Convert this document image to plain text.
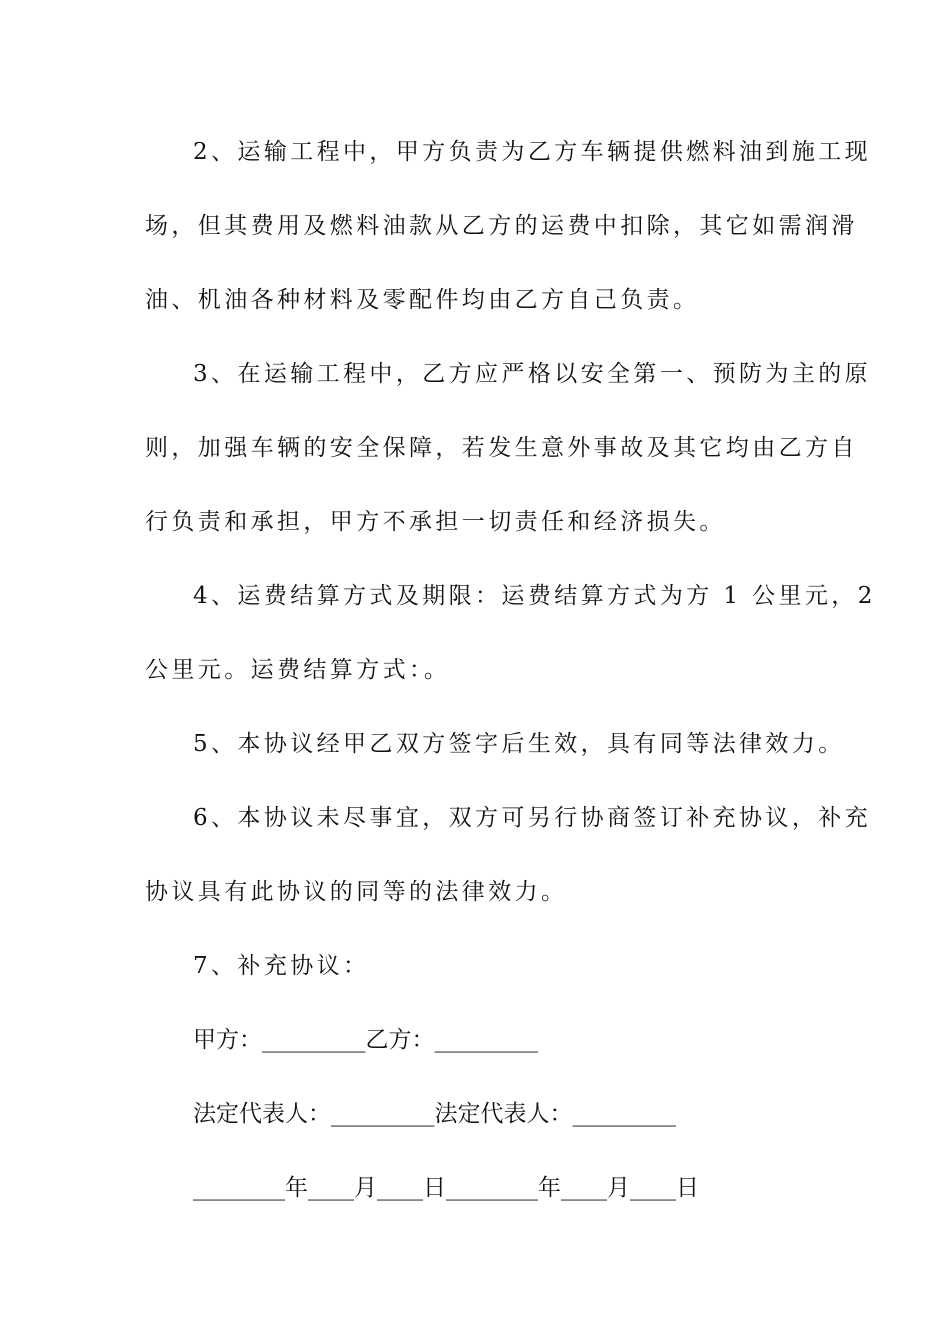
2、运输工程中，甲方负责为乙方车辆提供燃料油到施工现
场，但其费用及燃料油款从乙方的运费中扣除，其它如需润滑
油、机油各种材料及零配件均由乙方自己负责。
3、在运输工程中，乙方应严格以安全第一、预防为主的原
则，加强车辆的安全保障，若发生意外事故及其它均由乙方自
行负责和承担，甲方不承担一切责任和经济损失。
4、运费结算方式及期限：运费结算方式为方 1 公里元，2
公里元。运费结算方式：。
5、本协议经甲乙双方签字后生效，具有同等法律效力。
6、本协议未尽事宜，双方可另行协商签订补充协议，补充
协议具有此协议的同等的法律效力。
7、补充协议：
甲方：_________乙方：_________
法定代表人：_________法定代表人：_________
________年____月____日________年____月____日
